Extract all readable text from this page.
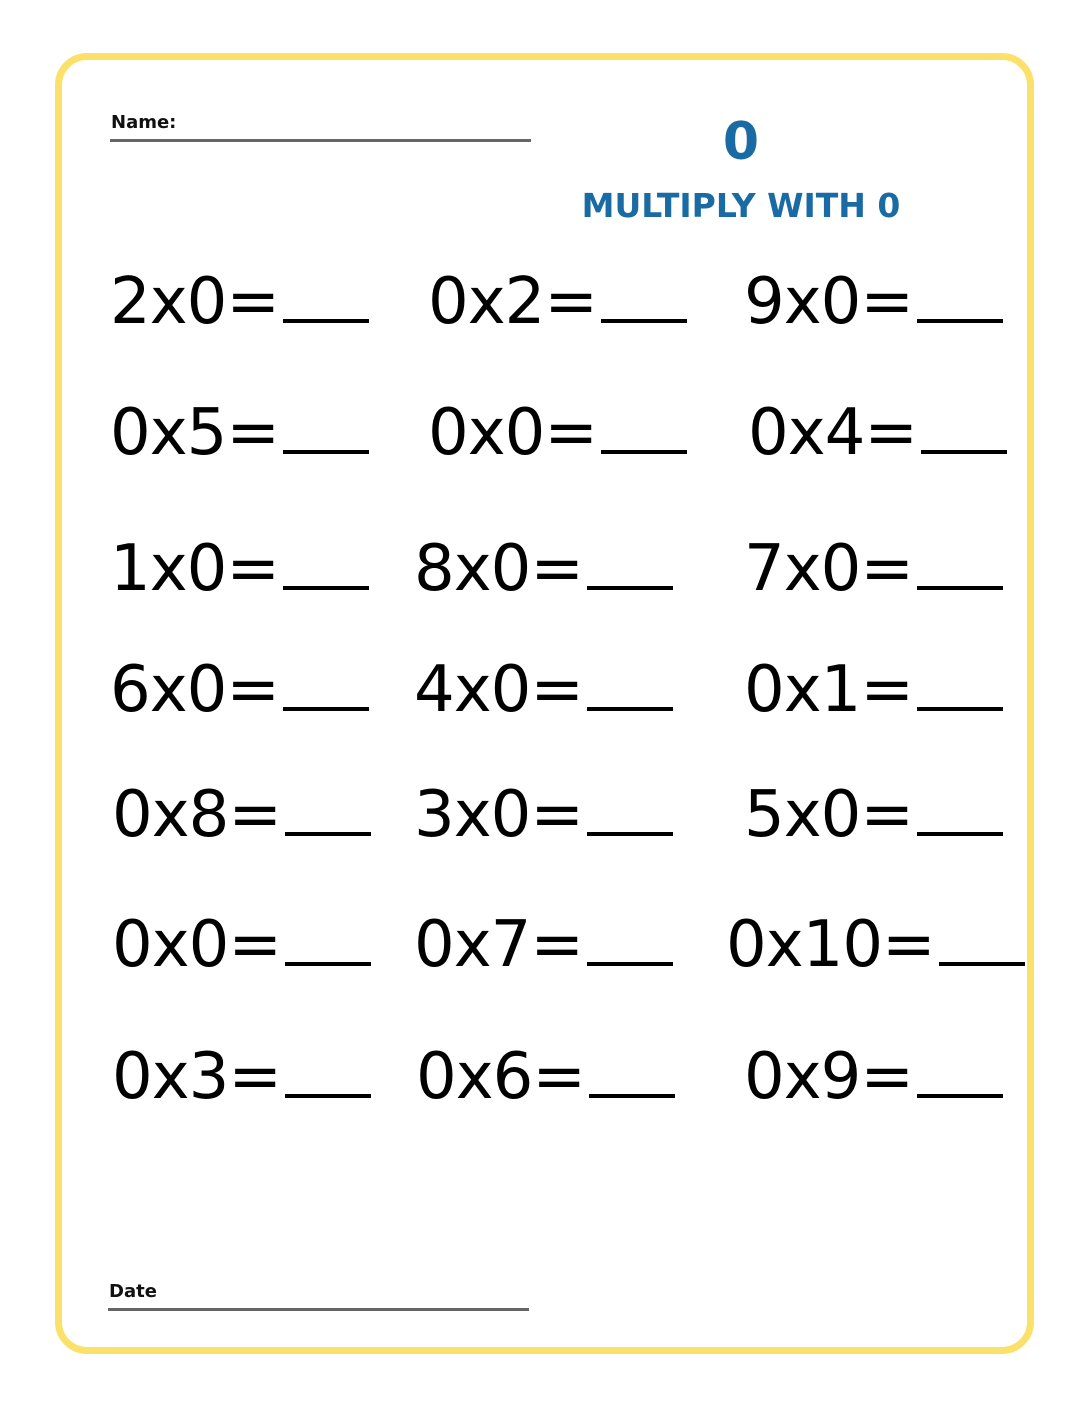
Name:	0
MULTIPLY WITH 0
2x0=	0x2=	9x0=
0x5=	0x0=	0x4=
1x0=	8x0=	7x0=
6x0=	4x0=	0x1=
0x8=	3x0=	5x0=
0x0=	0x7=	0x10=
0x3=	0x6=	0x9=
Date
